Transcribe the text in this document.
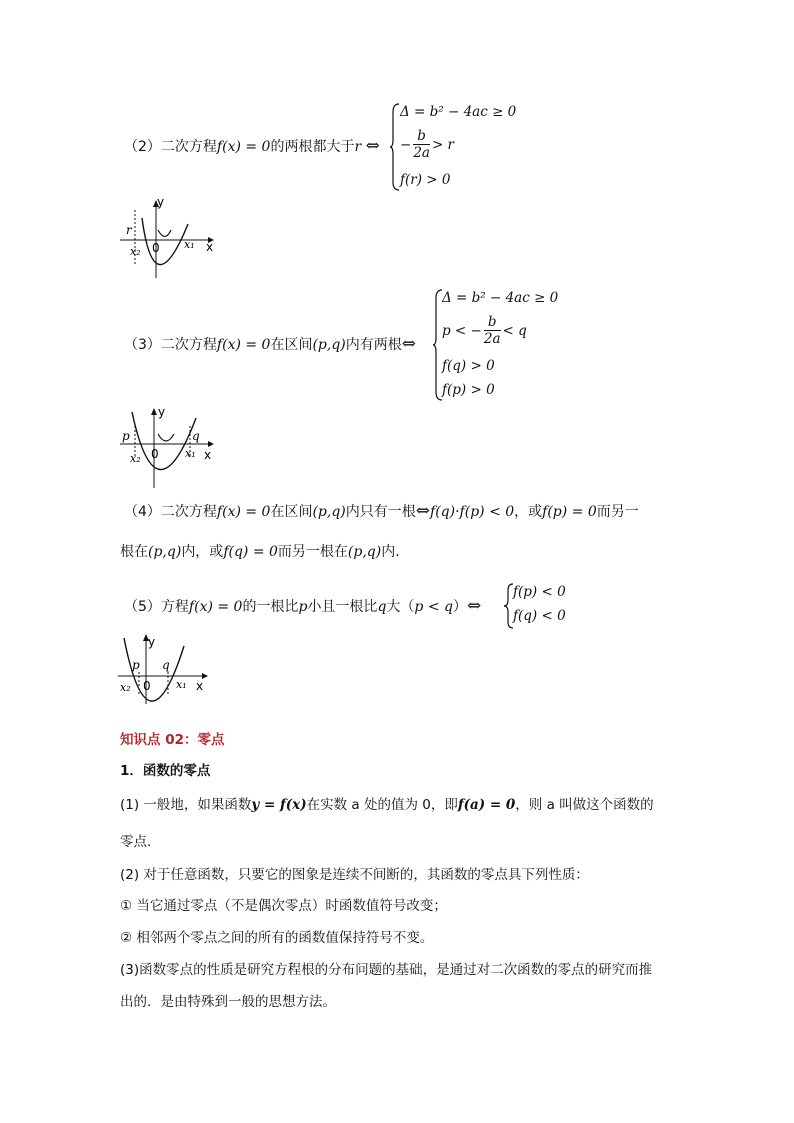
（2）二次方程f(x) = 0的两根都大于r ⇔
Δ = b² − 4ac ≥ 0
− $\frac{b}{2a} > r$
f(r) > 0
y
x
0
r
x₁
x₂
（3）二次方程f(x) = 0在区间(p,q)内有两根⇔
Δ = b² − 4ac ≥ 0
p < − $\frac{b}{2a} < q$
f(q) > 0
f(p) > 0
y
x
0
p	q
x₁
x₂
（4）二次方程f(x) = 0在区间(p,q)内只有一根⇔f(q)·f(p) < 0，或f(p) = 0而另一
根在(p,q)内，或f(q) = 0而另一根在(p,q)内.
（5）方程f(x) = 0的一根比p小且一根比q大（p < q）⇔
f(p) < 0
f(q) < 0
y
x
0
p q
x₁
x₂
知识点 02：零点
1．函数的零点
(1) 一般地，如果函数y = f(x)在实数 a 处的值为 0，即f(a) = 0，则 a 叫做这个函数的
零点.
(2) 对于任意函数，只要它的图象是连续不间断的，其函数的零点具下列性质：
① 当它通过零点（不是偶次零点）时函数值符号改变；
② 相邻两个零点之间的所有的函数值保持符号不变。
(3)函数零点的性质是研究方程根的分布问题的基础，是通过对二次函数的零点的研究而推
出的．是由特殊到一般的思想方法。
